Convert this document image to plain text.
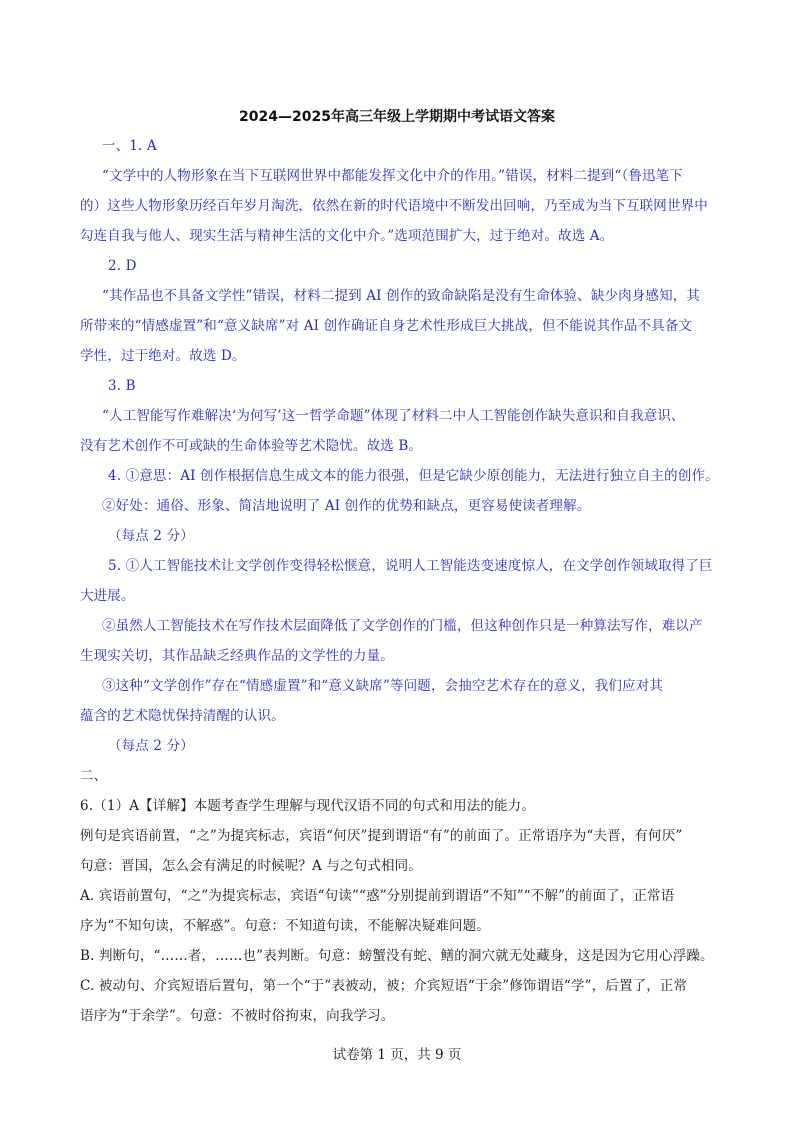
2024—2025年高三年级上学期期中考试语文答案
一、1. A
“文学中的人物形象在当下互联网世界中都能发挥文化中介的作用。”错误，材料二提到“（鲁迅笔下
的）这些人物形象历经百年岁月淘洗，依然在新的时代语境中不断发出回响，乃至成为当下互联网世界中
勾连自我与他人、现实生活与精神生活的文化中介。”选项范围扩大，过于绝对。故选 A。
2. D
“其作品也不具备文学性”错误，材料二提到 AI 创作的致命缺陷是没有生命体验、缺少肉身感知，其
所带来的“情感虚置”和“意义缺席”对 AI 创作确证自身艺术性形成巨大挑战，但不能说其作品不具备文
学性，过于绝对。故选 D。
3. B
“人工智能写作难解决‘为何写’这一哲学命题”体现了材料二中人工智能创作缺失意识和自我意识、
没有艺术创作不可或缺的生命体验等艺术隐忧。故选 B。
4. ①意思：AI 创作根据信息生成文本的能力很强，但是它缺少原创能力，无法进行独立自主的创作。
②好处：通俗、形象、简洁地说明了 AI 创作的优势和缺点，更容易使读者理解。
（每点 2 分）
5. ①人工智能技术让文学创作变得轻松惬意，说明人工智能迭变速度惊人，在文学创作领域取得了巨
大进展。
②虽然人工智能技术在写作技术层面降低了文学创作的门槛，但这种创作只是一种算法写作，难以产
生现实关切，其作品缺乏经典作品的文学性的力量。
③这种“文学创作”存在“情感虚置”和“意义缺席”等问题，会抽空艺术存在的意义，我们应对其
蕴含的艺术隐忧保持清醒的认识。
（每点 2 分）
二、
6.（1）A【详解】本题考查学生理解与现代汉语不同的句式和用法的能力。
例句是宾语前置，“之”为提宾标志，宾语“何厌”提到谓语“有”的前面了。正常语序为“夫晋，有何厌”
句意：晋国，怎么会有满足的时候呢？A 与之句式相同。
A. 宾语前置句，“之”为提宾标志，宾语“句读”“惑”分别提前到谓语“不知”“不解”的前面了，正常语
序为“不知句读，不解惑”。句意：不知道句读，不能解决疑难问题。
B. 判断句，“……者，……也”表判断。句意：螃蟹没有蛇、鳝的洞穴就无处藏身，这是因为它用心浮躁。
C. 被动句、介宾短语后置句，第一个“于”表被动，被；介宾短语“于余”修饰谓语“学”，后置了，正常
语序为“于余学”。句意：不被时俗拘束，向我学习。
试卷第 1 页，共 9 页
